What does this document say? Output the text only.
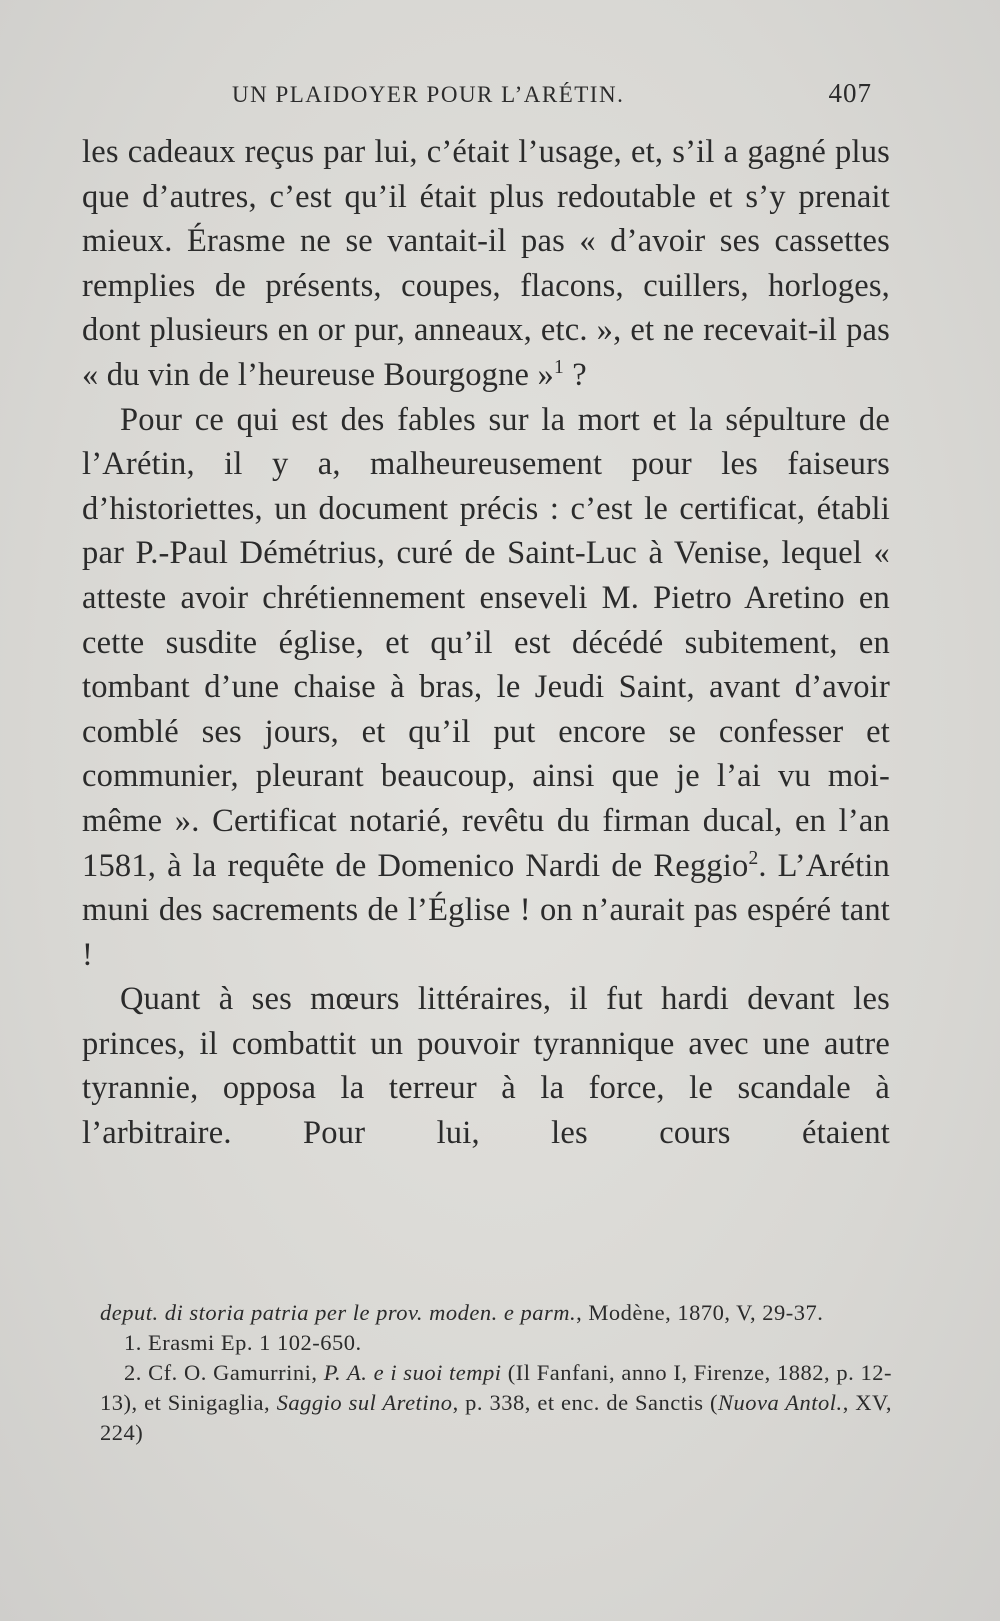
UN PLAIDOYER POUR L’ARÉTIN.	407

les cadeaux reçus par lui, c’était l’usage, et, s’il a gagné plus que d’autres, c’est qu’il était plus redoutable et s’y prenait mieux. Érasme ne se vantait-il pas « d’avoir ses cassettes remplies de présents, coupes, flacons, cuillers, horloges, dont plusieurs en or pur, anneaux, etc. », et ne recevait-il pas « du vin de l’heureuse Bourgogne »$^1$ ?

Pour ce qui est des fables sur la mort et la sépulture de l’Arétin, il y a, malheureusement pour les faiseurs d’historiettes, un document précis : c’est le certificat, établi par P.-Paul Démétrius, curé de Saint-Luc à Venise, lequel « atteste avoir chrétiennement enseveli M. Pietro Aretino en cette susdite église, et qu’il est décédé subitement, en tombant d’une chaise à bras, le Jeudi Saint, avant d’avoir comblé ses jours, et qu’il put encore se confesser et communier, pleurant beaucoup, ainsi que je l’ai vu moi-même ». Certificat notarié, revêtu du firman ducal, en l’an 1581, à la requête de Domenico Nardi de Reggio$^2$. L’Arétin muni des sacrements de l’Église ! on n’aurait pas espéré tant !

Quant à ses mœurs littéraires, il fut hardi devant les princes, il combattit un pouvoir tyrannique avec une autre tyrannie, opposa la terreur à la force, le scandale à l’arbitraire. Pour lui, les cours étaient

deput. di storia patria per le prov. moden. e parm., Modène, 1870, V, 29-37.

1. Erasmi Ep. 1 102-650.

2. Cf. O. Gamurrini, P. A. e i suoi tempi (Il Fanfani, anno I, Firenze, 1882, p. 12-13), et Sinigaglia, Saggio sul Aretino, p. 338, et enc. de Sanctis (Nuova Antol., XV, 224)
